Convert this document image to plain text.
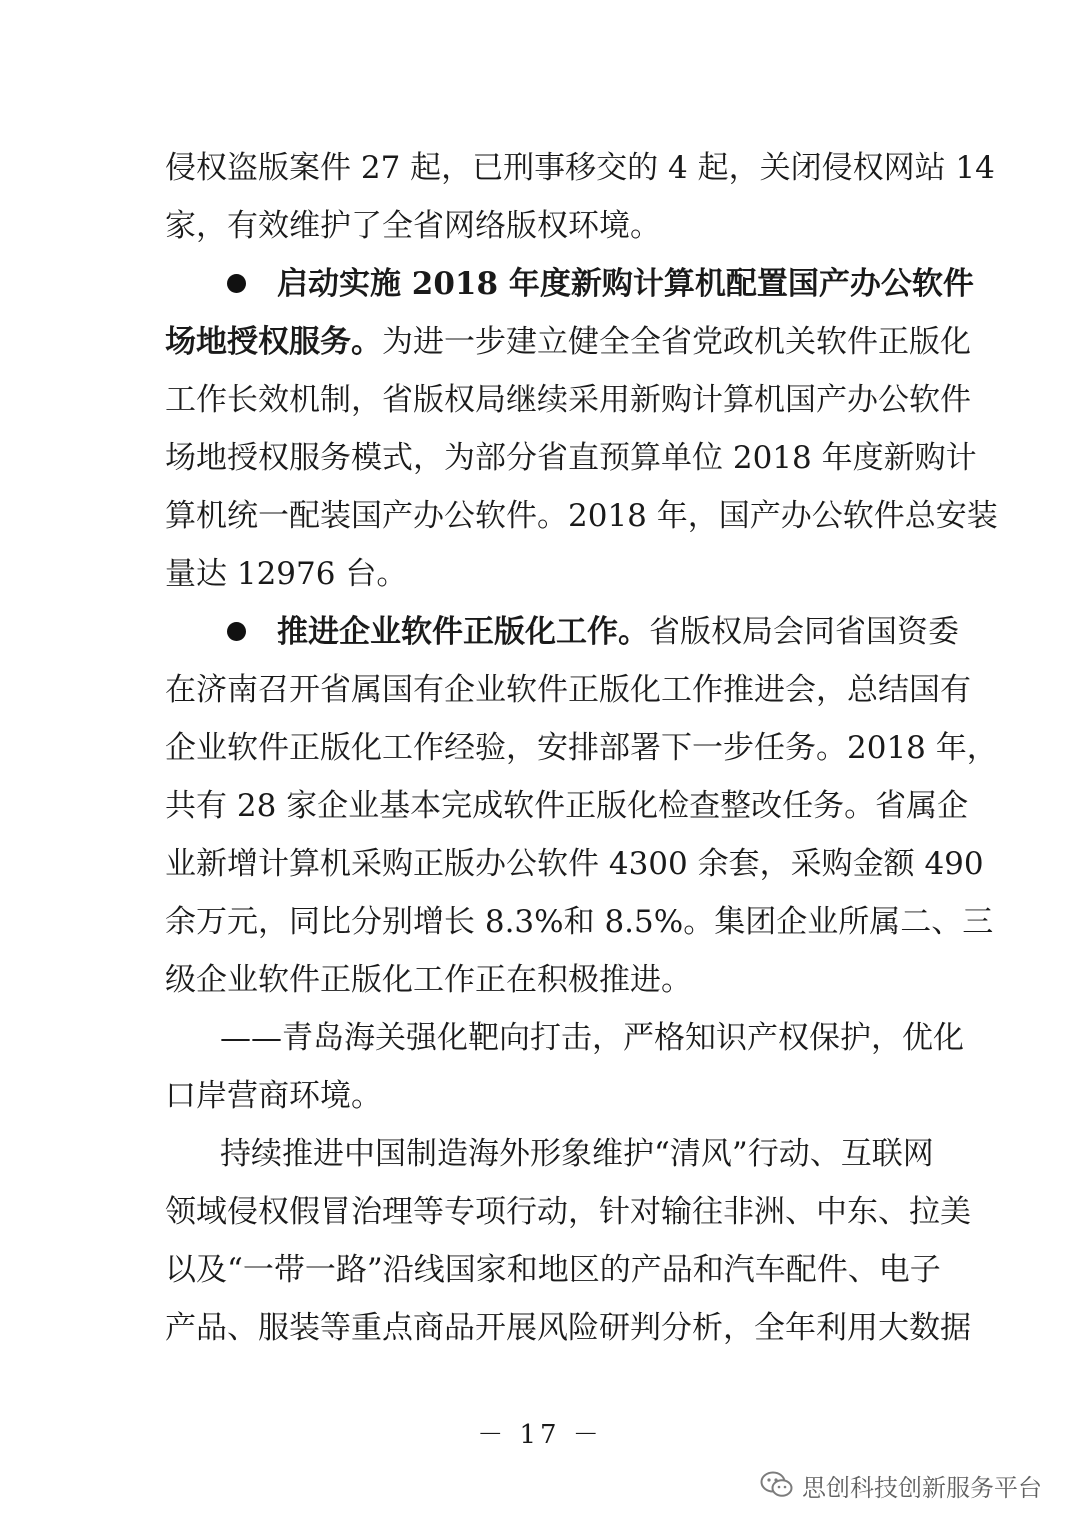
侵权盗版案件 27 起，已刑事移交的 4 起，关闭侵权网站 14
家，有效维护了全省网络版权环境。
启动实施 2018 年度新购计算机配置国产办公软件
场地授权服务。为进一步建立健全全省党政机关软件正版化
工作长效机制，省版权局继续采用新购计算机国产办公软件
场地授权服务模式，为部分省直预算单位 2018 年度新购计
算机统一配装国产办公软件。2018 年，国产办公软件总安装
量达 12976 台。
推进企业软件正版化工作。省版权局会同省国资委
在济南召开省属国有企业软件正版化工作推进会，总结国有
企业软件正版化工作经验，安排部署下一步任务。2018 年，
共有 28 家企业基本完成软件正版化检查整改任务。省属企
业新增计算机采购正版办公软件 4300 余套，采购金额 490
余万元，同比分别增长 8.3%和 8.5%。集团企业所属二、三
级企业软件正版化工作正在积极推进。
——青岛海关强化靶向打击，严格知识产权保护，优化
口岸营商环境。
持续推进中国制造海外形象维护“清风”行动、互联网
领域侵权假冒治理等专项行动，针对输往非洲、中东、拉美
以及“一带一路”沿线国家和地区的产品和汽车配件、电子
产品、服装等重点商品开展风险研判分析，全年利用大数据
－ 17 －
思创科技创新服务平台
